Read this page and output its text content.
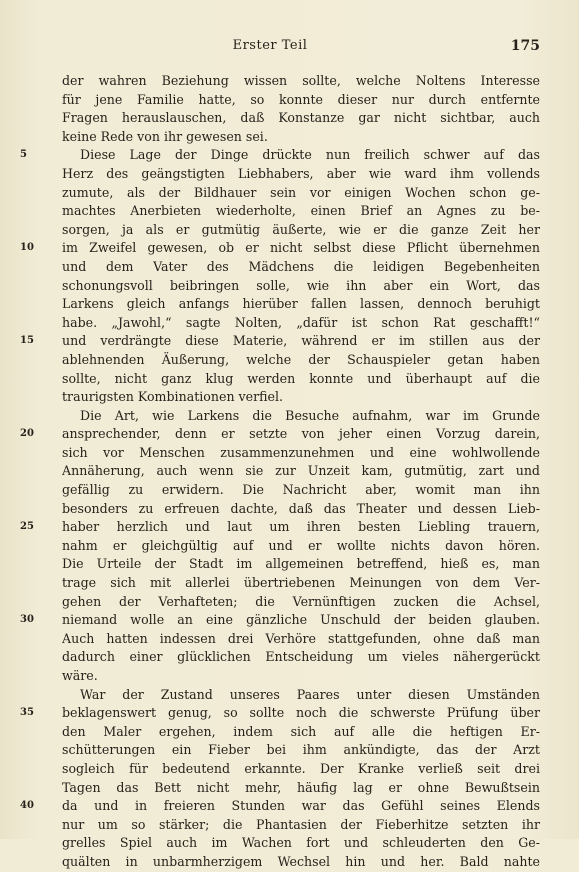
Erster Teil	175
der wahren Beziehung wissen sollte, welche Noltens Interesse
für jene Familie hatte, so konnte dieser nur durch entfernte
Fragen herauslauschen, daß Konstanze gar nicht sichtbar, auch
keine Rede von ihr gewesen sei.
5	Diese Lage der Dinge drückte nun freilich schwer auf das
Herz des geängstigten Liebhabers, aber wie ward ihm vollends
zumute, als der Bildhauer sein vor einigen Wochen schon ge-
machtes Anerbieten wiederholte, einen Brief an Agnes zu be-
sorgen, ja als er gutmütig äußerte, wie er die ganze Zeit her
10	im Zweifel gewesen, ob er nicht selbst diese Pflicht übernehmen
und dem Vater des Mädchens die leidigen Begebenheiten
schonungsvoll beibringen solle, wie ihn aber ein Wort, das
Larkens gleich anfangs hierüber fallen lassen, dennoch beruhigt
habe. „Jawohl,“ sagte Nolten, „dafür ist schon Rat geschafft!“
15	und verdrängte diese Materie, während er im stillen aus der
ablehnenden Äußerung, welche der Schauspieler getan haben
sollte, nicht ganz klug werden konnte und überhaupt auf die
traurigsten Kombinationen verfiel.
Die Art, wie Larkens die Besuche aufnahm, war im Grunde
20	ansprechender, denn er setzte von jeher einen Vorzug darein,
sich vor Menschen zusammenzunehmen und eine wohlwollende
Annäherung, auch wenn sie zur Unzeit kam, gutmütig, zart und
gefällig zu erwidern. Die Nachricht aber, womit man ihn
besonders zu erfreuen dachte, daß das Theater und dessen Lieb-
25	haber herzlich und laut um ihren besten Liebling trauern,
nahm er gleichgültig auf und er wollte nichts davon hören.
Die Urteile der Stadt im allgemeinen betreffend, hieß es, man
trage sich mit allerlei übertriebenen Meinungen von dem Ver-
gehen der Verhafteten; die Vernünftigen zucken die Achsel,
30	niemand wolle an eine gänzliche Unschuld der beiden glauben.
Auch hatten indessen drei Verhöre stattgefunden, ohne daß man
dadurch einer glücklichen Entscheidung um vieles nähergerückt
wäre.
War der Zustand unseres Paares unter diesen Umständen
35	beklagenswert genug, so sollte noch die schwerste Prüfung über
den Maler ergehen, indem sich auf alle die heftigen Er-
schütterungen ein Fieber bei ihm ankündigte, das der Arzt
sogleich für bedeutend erkannte. Der Kranke verließ seit drei
Tagen das Bett nicht mehr, häufig lag er ohne Bewußtsein
40	da und in freieren Stunden war das Gefühl seines Elends
nur um so stärker; die Phantasien der Fieberhitze setzten ihr
grelles Spiel auch im Wachen fort und schleuderten den Ge-
quälten in unbarmherzigem Wechsel hin und her. Bald nahte
